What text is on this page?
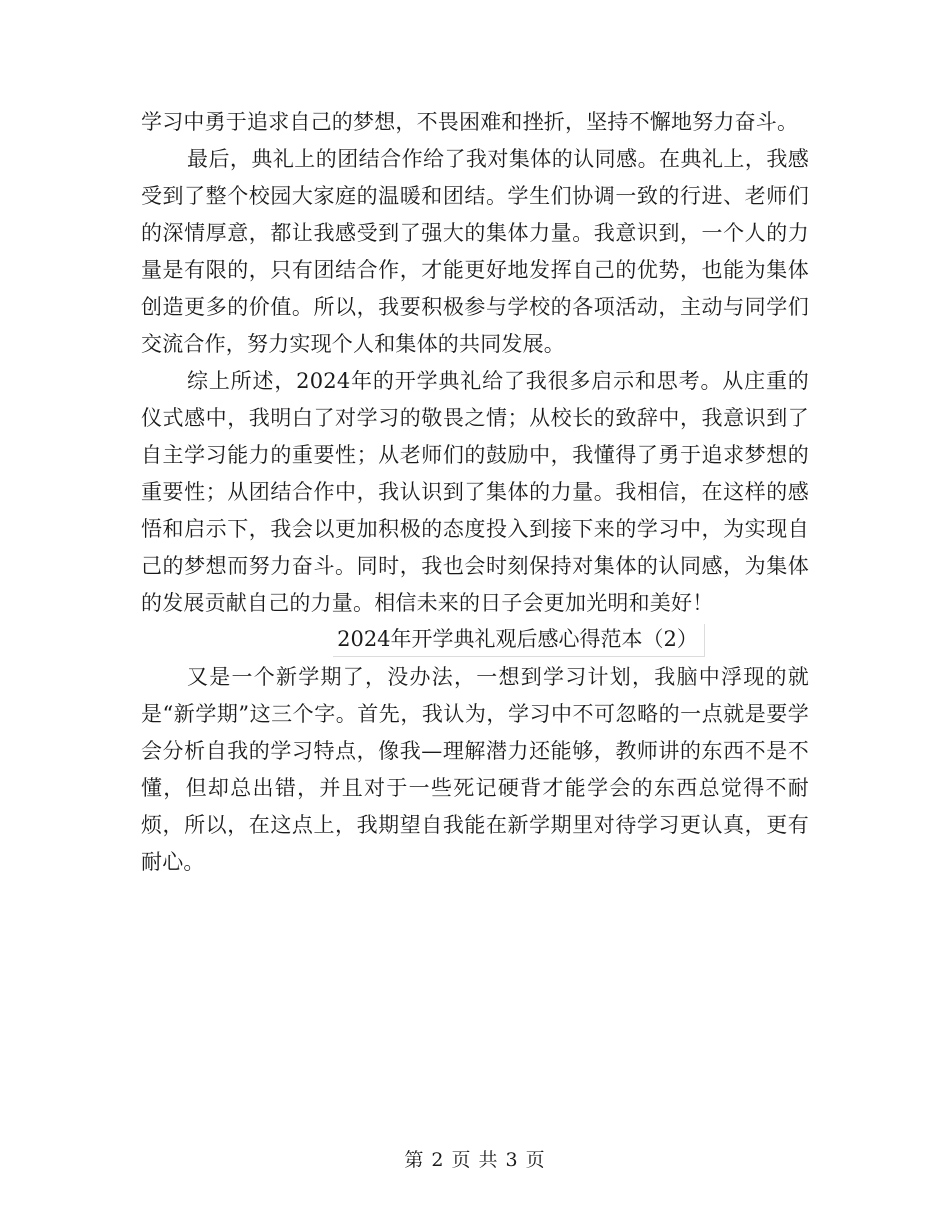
学习中勇于追求自己的梦想，不畏困难和挫折，坚持不懈地努力奋斗。

最后，典礼上的团结合作给了我对集体的认同感。在典礼上，我感受到了整个校园大家庭的温暖和团结。学生们协调一致的行进、老师们的深情厚意，都让我感受到了强大的集体力量。我意识到，一个人的力量是有限的，只有团结合作，才能更好地发挥自己的优势，也能为集体创造更多的价值。所以，我要积极参与学校的各项活动，主动与同学们交流合作，努力实现个人和集体的共同发展。

综上所述，2024年的开学典礼给了我很多启示和思考。从庄重的仪式感中，我明白了对学习的敬畏之情；从校长的致辞中，我意识到了自主学习能力的重要性；从老师们的鼓励中，我懂得了勇于追求梦想的重要性；从团结合作中，我认识到了集体的力量。我相信，在这样的感悟和启示下，我会以更加积极的态度投入到接下来的学习中，为实现自己的梦想而努力奋斗。同时，我也会时刻保持对集体的认同感，为集体的发展贡献自己的力量。相信未来的日子会更加光明和美好！

2024年开学典礼观后感心得范本（2）

又是一个新学期了，没办法，一想到学习计划，我脑中浮现的就是“新学期”这三个字。首先，我认为，学习中不可忽略的一点就是要学会分析自我的学习特点，像我—理解潜力还能够，教师讲的东西不是不懂，但却总出错，并且对于一些死记硬背才能学会的东西总觉得不耐烦，所以，在这点上，我期望自我能在新学期里对待学习更认真，更有耐心。

第 2 页 共 3 页
